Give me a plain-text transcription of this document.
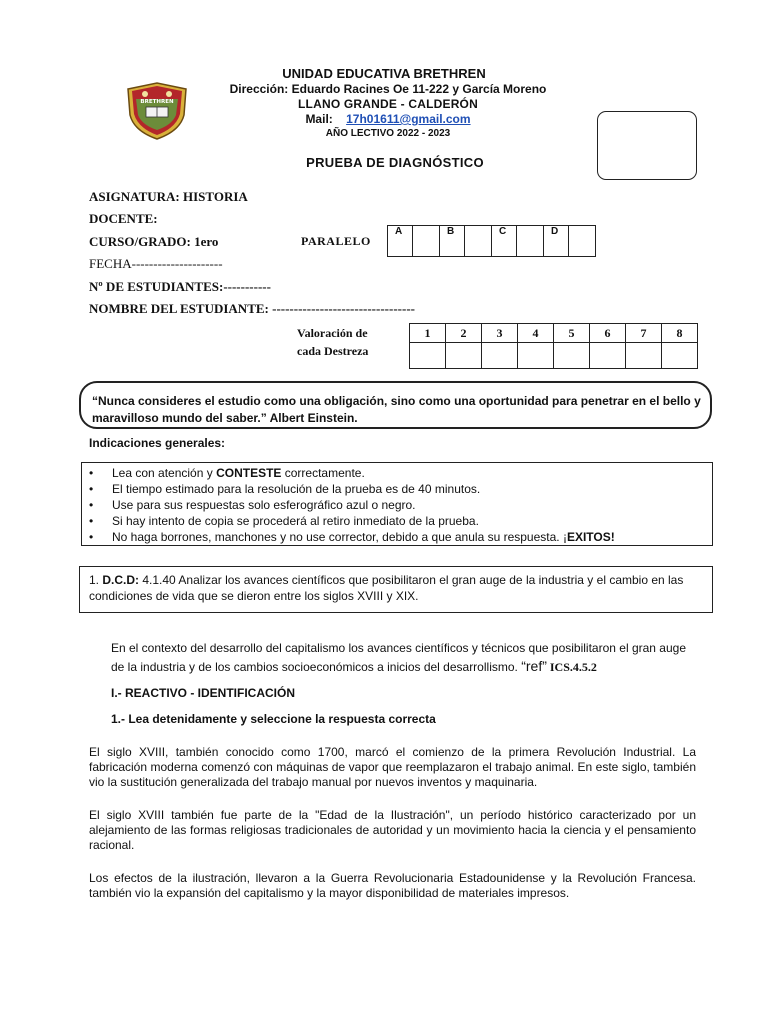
BRETHREN
UNIDAD EDUCATIVA BRETHREN
Dirección: Eduardo Racines Oe 11-222 y García Moreno
LLANO GRANDE - CALDERÓN
Mail: 17h01611@gmail.com
AÑO LECTIVO 2022 - 2023
PRUEBA DE DIAGNÓSTICO
ASIGNATURA: HISTORIA
DOCENTE:
CURSO/GRADO: 1ero
FECHA---------------------
Nº DE ESTUDIANTES:-----------
NOMBRE DEL ESTUDIANTE: ---------------------------------
PARALELO
A		B		C		D	
Valoración de
cada Destreza
1	2	3	4	5	6	7	8

“Nunca consideres el estudio como una obligación, sino como una oportunidad para penetrar en el bello y maravilloso mundo del saber.” Albert Einstein.
Indicaciones generales:
• Lea con atención y CONTESTE correctamente.
• El tiempo estimado para la resolución de la prueba es de 40 minutos.
• Use para sus respuestas solo esferográfico azul o negro.
• Si hay intento de copia se procederá al retiro inmediato de la prueba.
• No haga borrones, manchones y no use corrector, debido a que anula su respuesta. ¡EXITOS!
1. D.C.D: 4.1.40 Analizar los avances científicos que posibilitaron el gran auge de la industria y el cambio en las condiciones de vida que se dieron entre los siglos XVIII y XIX.
En el contexto del desarrollo del capitalismo los avances científicos y técnicos que posibilitaron el gran auge de la industria y de los cambios socioeconómicos a inicios del desarrollismo. “ref” ICS.4.5.2
I.- REACTIVO - IDENTIFICACIÓN
1.- Lea detenidamente y seleccione la respuesta correcta
El siglo XVIII, también conocido como 1700, marcó el comienzo de la primera Revolución Industrial. La fabricación moderna comenzó con máquinas de vapor que reemplazaron el trabajo animal. En este siglo, también vio la sustitución generalizada del trabajo manual por nuevos inventos y maquinaria.
El siglo XVIII también fue parte de la "Edad de la Ilustración", un período histórico caracterizado por un alejamiento de las formas religiosas tradicionales de autoridad y un movimiento hacia la ciencia y el pensamiento racional.
Los efectos de la ilustración, llevaron a la Guerra Revolucionaria Estadounidense y la Revolución Francesa. también vio la expansión del capitalismo y la mayor disponibilidad de materiales impresos.
